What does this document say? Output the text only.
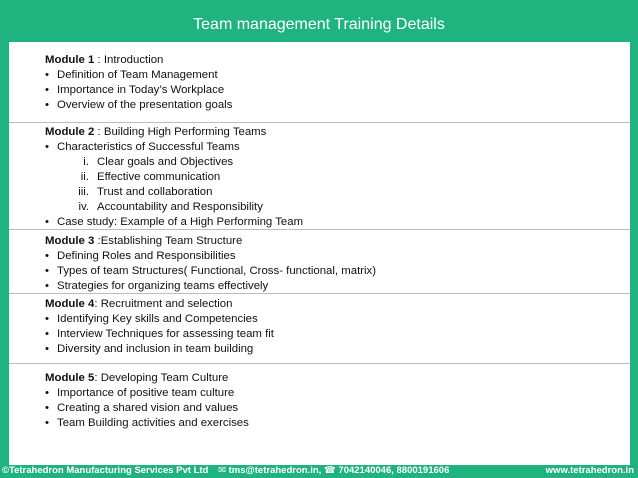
Team management Training Details
Module 1 : Introduction
• Definition of Team Management
• Importance in Today’s Workplace
• Overview of the presentation goals
Module 2 : Building High Performing Teams
• Characteristics of Successful Teams
i. Clear goals and Objectives
ii. Effective communication
iii. Trust and collaboration
iv. Accountability and Responsibility
• Case study: Example of a High Performing Team
Module 3 :Establishing Team Structure
• Defining Roles and Responsibilities
• Types of team Structures( Functional, Cross- functional, matrix)
• Strategies for organizing teams effectively
Module 4: Recruitment and selection
• Identifying Key skills and Competencies
• Interview Techniques for assessing team fit
• Diversity and inclusion in team building
Module 5: Developing Team Culture
• Importance of positive team culture
• Creating a shared vision and values
• Team Building activities and exercises
©Tetrahedron Manufacturing Services Pvt Ltd ✉ tms@tetrahedron.in, ☎ 7042140046, 8800191606	www.tetrahedron.in
